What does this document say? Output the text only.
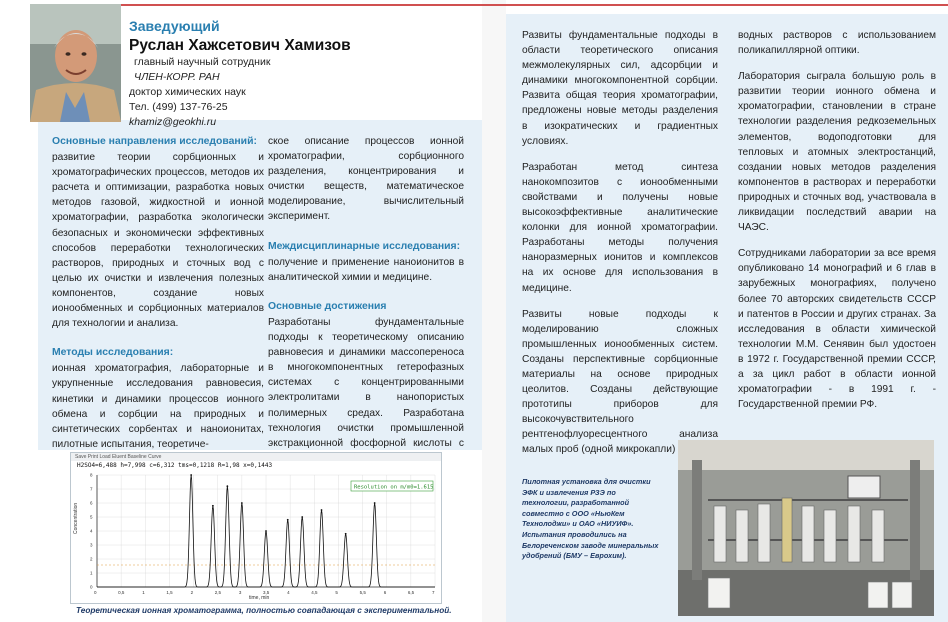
Заведующий
Руслан Хажсетович Хамизов
главный научный сотрудник
ЧЛЕН-КОРР. РАН
доктор химических наук
Тел. (499) 137-76-25
khamiz@geokhi.ru
Основные направления исследований:

развитие теории сорбционных и хроматографических процессов, методов их расчета и оптимизации, разработка новых методов газовой, жидкостной и ионной хроматографии, разработка экологически безопасных и экономически эффективных способов переработки технологических растворов, природных и сточных вод с целью их очистки и извлечения полезных компонентов, создание новых ионообменных и сорбционных материалов для технологии и анализа.

Методы исследования:

ионная хроматография, лабораторные и укрупненные исследования равновесия, кинетики и динамики процессов ионного обмена и сорбции на природных и синтетических сорбентах и наноионитах, пилотные испытания, теоретиче-

ское описание процессов ионной хроматографии, сорбционного разделения, концентрирования и очистки веществ, математическое моделирование, вычислительный эксперимент.

Междисциплинарные исследования:

получение и применение наноионитов в аналитической химии и медицине.

Основные достижения

Разработаны фундаментальные подходы к теоретическому описанию равновесия и динамики массопереноса в многокомпонентных гетерофазных системах с концентрированными электролитами в нанопористых полимерных средах. Разработана технология очистки промышленной экстракционной фосфорной кислоты с

Развиты фундаментальные подходы в области теоретического описания межмолекулярных сил, адсорбции и динамики многокомпонентной сорбции. Развита общая теория хроматографии, предложены новые методы разделения в изократических и градиентных условиях.

Разработан метод синтеза нанокомпозитов с ионообменными свойствами и получены новые высокоэффективные аналитические колонки для ионной хроматографии. Разработаны методы получения наноразмерных ионитов и комплексов на их основе для использования в медицине.

Развиты новые подходы к моделированию сложных промышленных ионообменных систем. Созданы перспективные сорбционные материалы на основе природных цеолитов. Созданы действующие прототипы приборов для высокочувствительного рентгенофлуоресцентного анализа малых проб (одной микрокапли)

водных растворов с использованием поликапиллярной оптики.

Лаборатория сыграла большую роль в развитии теории ионного обмена и хроматографии, становлении в стране технологии разделения редкоземельных элементов, водоподготовки для тепловых и атомных электростанций, создании новых методов разделения компонентов в растворах и переработки природных и сточных вод, участвовала в ликвидации последствий аварии на ЧАЭС.

Сотрудниками лаборатории за все время опубликовано 14 монографий и 6 глав в зарубежных монографиях, получено более 70 авторских свидетельств СССР и патентов в России и других странах. За исследования в области химической технологии М.М. Сенявин был удостоен в 1972 г. Государственной премии СССР, а за цикл работ в области ионной хроматографии - в 1991 г. - Государственной премии РФ.

Save Print Load Eluent Baseline Curve
H2SO4=6,488 h=7,998 c=6,312 tms=0,1218 R=1,98 x=0,1443
0	0,5	1	1,5	2	2,5	3	3,5	4	4,5	5	5,5	6	6,5	7
0
1
2
3
4
5
6
7
8
Resolution on m/m0=1.615
Concentration
time, min
Теоретическая ионная хроматограмма, полностью совпадающая с экспериментальной.
Пилотная установка для очистки ЭФК и извлечения РЗЭ по технологии, разработанной совместно с ООО «НьюКем Технолоджи» и ОАО «НИУИФ». Испытания проводились на Белореченском заводе минеральных удобрений (БМУ – Еврохим).
